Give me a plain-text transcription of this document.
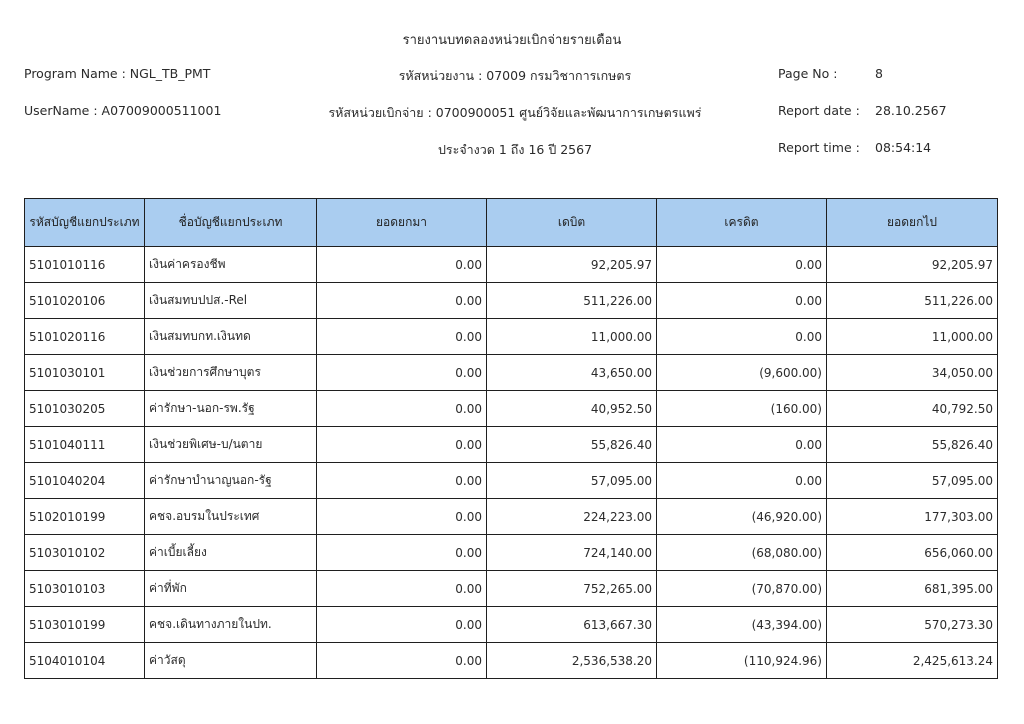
รายงานบทดลองหน่วยเบิกจ่ายรายเดือน
Program Name : NGL_TB_PMT
UserName : A07009000511001
รหัสหน่วยงาน : 07009 กรมวิชาการเกษตร
รหัสหน่วยเบิกจ่าย : 0700900051 ศูนย์วิจัยและพัฒนาการเกษตรแพร่
ประจำงวด 1 ถึง 16 ปี 2567
Page No :	8
Report date : 28.10.2567
Report time : 08:54:14
รหัสบัญชีแยกประเภท	ชื่อบัญชีแยกประเภท	ยอดยกมา	เดบิต	เครดิต	ยอดยกไป
5101010116	เงินค่าครองชีพ	0.00	92,205.97	0.00	92,205.97
5101020106	เงินสมทบปปส.-Rel	0.00	511,226.00	0.00	511,226.00
5101020116	เงินสมทบกท.เงินทด	0.00	11,000.00	0.00	11,000.00
5101030101	เงินช่วยการศึกษาบุตร	0.00	43,650.00	(9,600.00)	34,050.00
5101030205	ค่ารักษา-นอก-รพ.รัฐ	0.00	40,952.50	(160.00)	40,792.50
5101040111	เงินช่วยพิเศษ-บ/นตาย	0.00	55,826.40	0.00	55,826.40
5101040204	ค่ารักษาบำนาญนอก-รัฐ	0.00	57,095.00	0.00	57,095.00
5102010199	คชจ.อบรมในประเทศ	0.00	224,223.00	(46,920.00)	177,303.00
5103010102	ค่าเบี้ยเลี้ยง	0.00	724,140.00	(68,080.00)	656,060.00
5103010103	ค่าที่พัก	0.00	752,265.00	(70,870.00)	681,395.00
5103010199	คชจ.เดินทางภายในปท.	0.00	613,667.30	(43,394.00)	570,273.30
5104010104	ค่าวัสดุ	0.00	2,536,538.20	(110,924.96)	2,425,613.24
